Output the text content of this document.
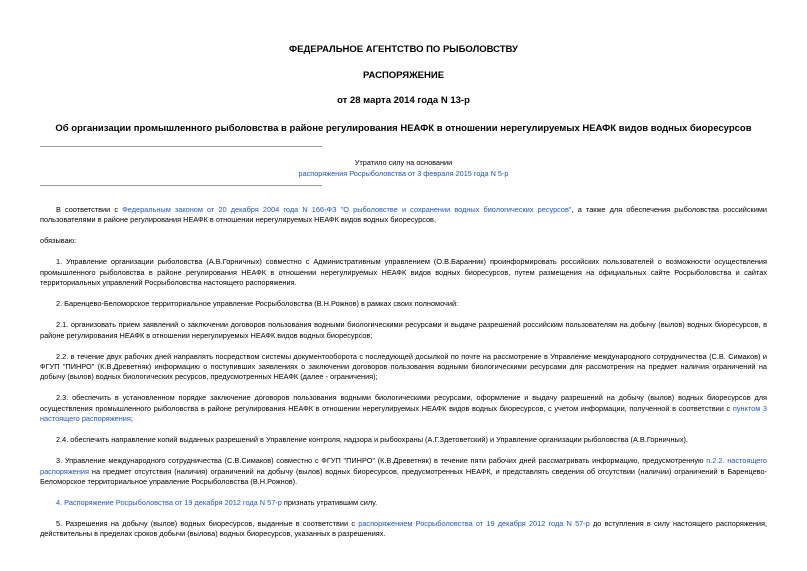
ФЕДЕРАЛЬНОЕ АГЕНТСТВО ПО РЫБОЛОВСТВУ
РАСПОРЯЖЕНИЕ
от 28 марта 2014 года N 13-р
Об организации промышленного рыболовства в районе регулирования НЕАФК в отношении нерегулируемых НЕАФК видов водных биоресурсов
Утратило силу на основании
распоряжения Росрыболовства от 3 февраля 2015 года N 5-р

В соответствии с Федеральным законом от 20 декабря 2004 года N 166-ФЗ "О рыболовстве и сохранении водных биологических ресурсов", а также для обеспечения рыболовства российскими пользователями в районе регулирования НЕАФК в отношении нерегулируемых НЕАФК видов водных биоресурсов,

обязываю:

1. Управление организации рыболовства (А.В.Горничных) совместно с Административным управлением (О.В.Баранник) проинформировать российских пользователей о возможности осуществления промышленного рыболовства в районе регулирования НЕАФК в отношении нерегулируемых НЕАФК видов водных биоресурсов, путем размещения на официальных сайте Росрыболовства и сайтах территориальных управлений Росрыболовства настоящего распоряжения.

2. Баренцево-Беломорское территориальное управление Росрыболовства (В.Н.Рожнов) в рамках своих полномочий:

2.1. организовать прием заявлений о заключении договоров пользования водными биологическими ресурсами и выдаче разрешений российским пользователям на добычу (вылов) водных биоресурсов, в районе регулирования НЕАФК в отношении нерегулируемых НЕАФК видов водных биоресурсов;

2.2. в течение двух рабочих дней направлять посредством системы документооборота с последующей досылкой по почте на рассмотрение в Управление международного сотрудничества (С.В. Симаков) и ФГУП "ПИНРО" (К.В.Древетняк) информацию о поступивших заявлениях о заключении договоров пользования водными биологическими ресурсами для рассмотрения на предмет наличия ограничений на добычу (вылов) водных биологических ресурсов, предусмотренных НЕАФК (далее - ограничения);

2.3. обеспечить в установленном порядке заключение договоров пользования водными биологическими ресурсами, оформление и выдачу разрешений на добычу (вылов) водных биоресурсов для осуществления промышленного рыболовства в районе регулирования НЕАФК в отношении нерегулируемых НЕАФК видов водных биоресурсов, с учетом информации, полученной в соответствии с пунктом 3 настоящего распоряжения;

2.4. обеспечить направление копий выданных разрешений в Управление контроля, надзора и рыбоохраны (А.Г.Здетоветский) и Управление организации рыболовства (А.В.Горничных).

3. Управление международного сотрудничества (С.В.Симаков) совместно с ФГУП "ПИНРО" (К.В.Древетняк) в течение пяти рабочих дней рассматривать информацию, предусмотренную п.2.2. настоящего распоряжения на предмет отсутствия (наличия) ограничений на добычу (вылов) водных биоресурсов, предусмотренных НЕАФК, и представлять сведения об отсутствии (наличии) ограничений в Баренцево-Беломорское территориальное управление Росрыболовства (В.Н.Рожнов).

4. Распоряжение Росрыболовства от 19 декабря 2012 года N 57-р признать утратившим силу.

5. Разрешения на добычу (вылов) водных биоресурсов, выданные в соответствии с распоряжением Росрыболовства от 19 декабря 2012 года N 57-р до вступления в силу настоящего распоряжения, действительны в пределах сроков добычи (вылова) водных биоресурсов, указанных в разрешениях.
